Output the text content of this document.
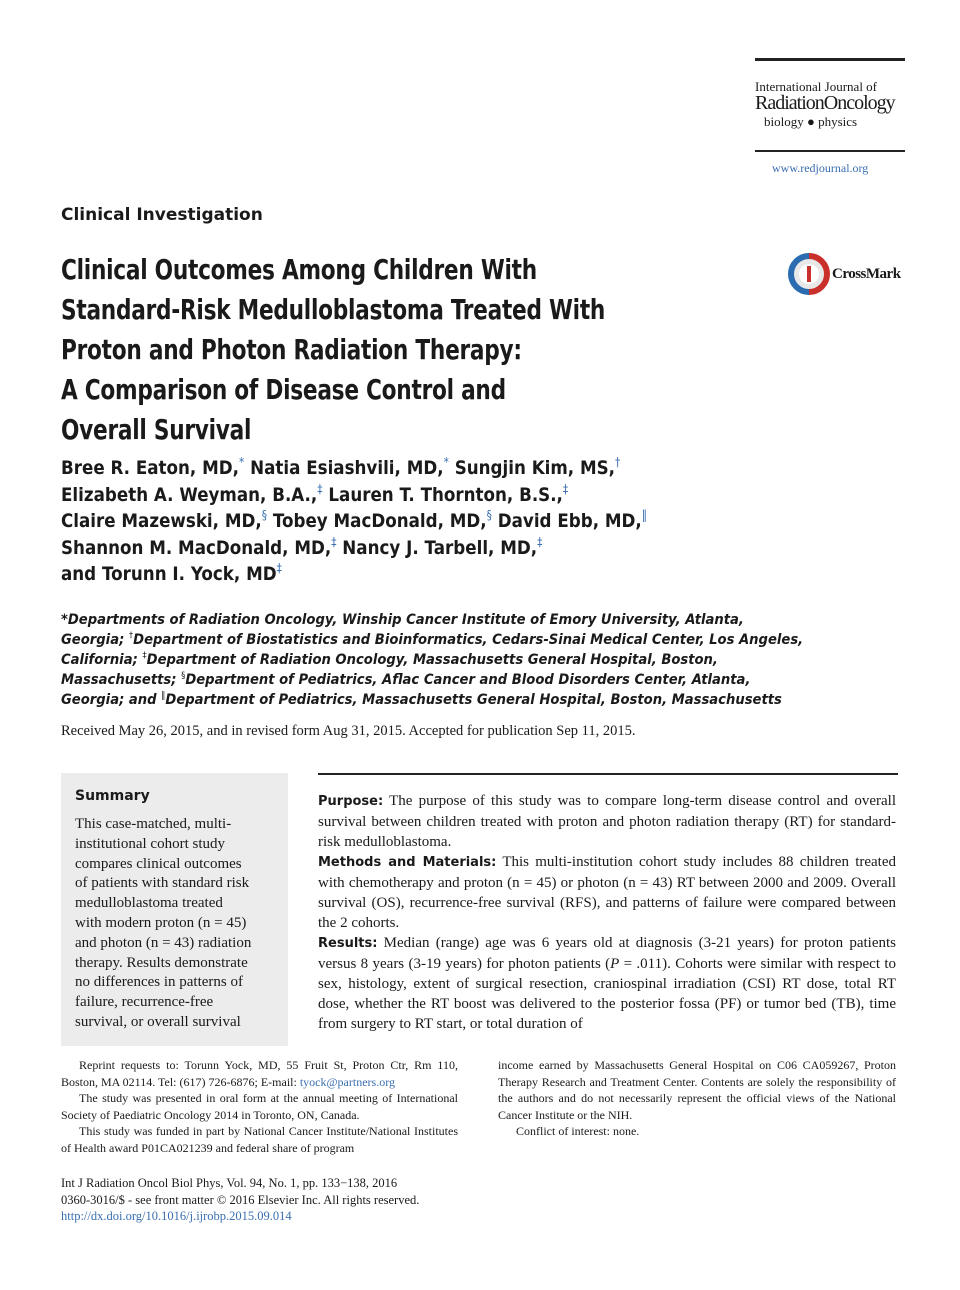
International Journal of
RadiationOncology
biology ● physics
www.redjournal.org
Clinical Investigation
Clinical Outcomes Among Children With
Standard-Risk Medulloblastoma Treated With
Proton and Photon Radiation Therapy:
A Comparison of Disease Control and
Overall Survival
CrossMark
Bree R. Eaton, MD,* Natia Esiashvili, MD,* Sungjin Kim, MS,†
Elizabeth A. Weyman, B.A.,‡ Lauren T. Thornton, B.S.,‡
Claire Mazewski, MD,§ Tobey MacDonald, MD,§ David Ebb, MD,‖
Shannon M. MacDonald, MD,‡ Nancy J. Tarbell, MD,‡
and Torunn I. Yock, MD‡
*Departments of Radiation Oncology, Winship Cancer Institute of Emory University, Atlanta,
Georgia; †Department of Biostatistics and Bioinformatics, Cedars-Sinai Medical Center, Los Angeles,
California; ‡Department of Radiation Oncology, Massachusetts General Hospital, Boston,
Massachusetts; §Department of Pediatrics, Aflac Cancer and Blood Disorders Center, Atlanta,
Georgia; and ‖Department of Pediatrics, Massachusetts General Hospital, Boston, Massachusetts
Received May 26, 2015, and in revised form Aug 31, 2015. Accepted for publication Sep 11, 2015.
Summary
This case-matched, multi-
institutional cohort study
compares clinical outcomes
of patients with standard risk
medulloblastoma treated
with modern proton (n = 45)
and photon (n = 43) radiation
therapy. Results demonstrate
no differences in patterns of
failure, recurrence-free
survival, or overall survival
Purpose: The purpose of this study was to compare long-term disease control and overall survival between children treated with proton and photon radiation therapy (RT) for standard-risk medulloblastoma.
Methods and Materials: This multi-institution cohort study includes 88 children treated with chemotherapy and proton (n = 45) or photon (n = 43) RT between 2000 and 2009. Overall survival (OS), recurrence-free survival (RFS), and patterns of failure were compared between the 2 cohorts.
Results: Median (range) age was 6 years old at diagnosis (3-21 years) for proton patients versus 8 years (3-19 years) for photon patients (P = .011). Cohorts were similar with respect to sex, histology, extent of surgical resection, craniospinal irradiation (CSI) RT dose, total RT dose, whether the RT boost was delivered to the posterior fossa (PF) or tumor bed (TB), time from surgery to RT start, or total duration of

Reprint requests to: Torunn Yock, MD, 55 Fruit St, Proton Ctr, Rm 110, Boston, MA 02114. Tel: (617) 726-6876; E-mail: tyock@partners.org

The study was presented in oral form at the annual meeting of International Society of Paediatric Oncology 2014 in Toronto, ON, Canada.

This study was funded in part by National Cancer Institute/National Institutes of Health award P01CA021239 and federal share of program

income earned by Massachusetts General Hospital on C06 CA059267, Proton Therapy Research and Treatment Center. Contents are solely the responsibility of the authors and do not necessarily represent the official views of the National Cancer Institute or the NIH.

Conflict of interest: none.

Int J Radiation Oncol Biol Phys, Vol. 94, No. 1, pp. 133−138, 2016
0360-3016/$ - see front matter © 2016 Elsevier Inc. All rights reserved.
http://dx.doi.org/10.1016/j.ijrobp.2015.09.014
